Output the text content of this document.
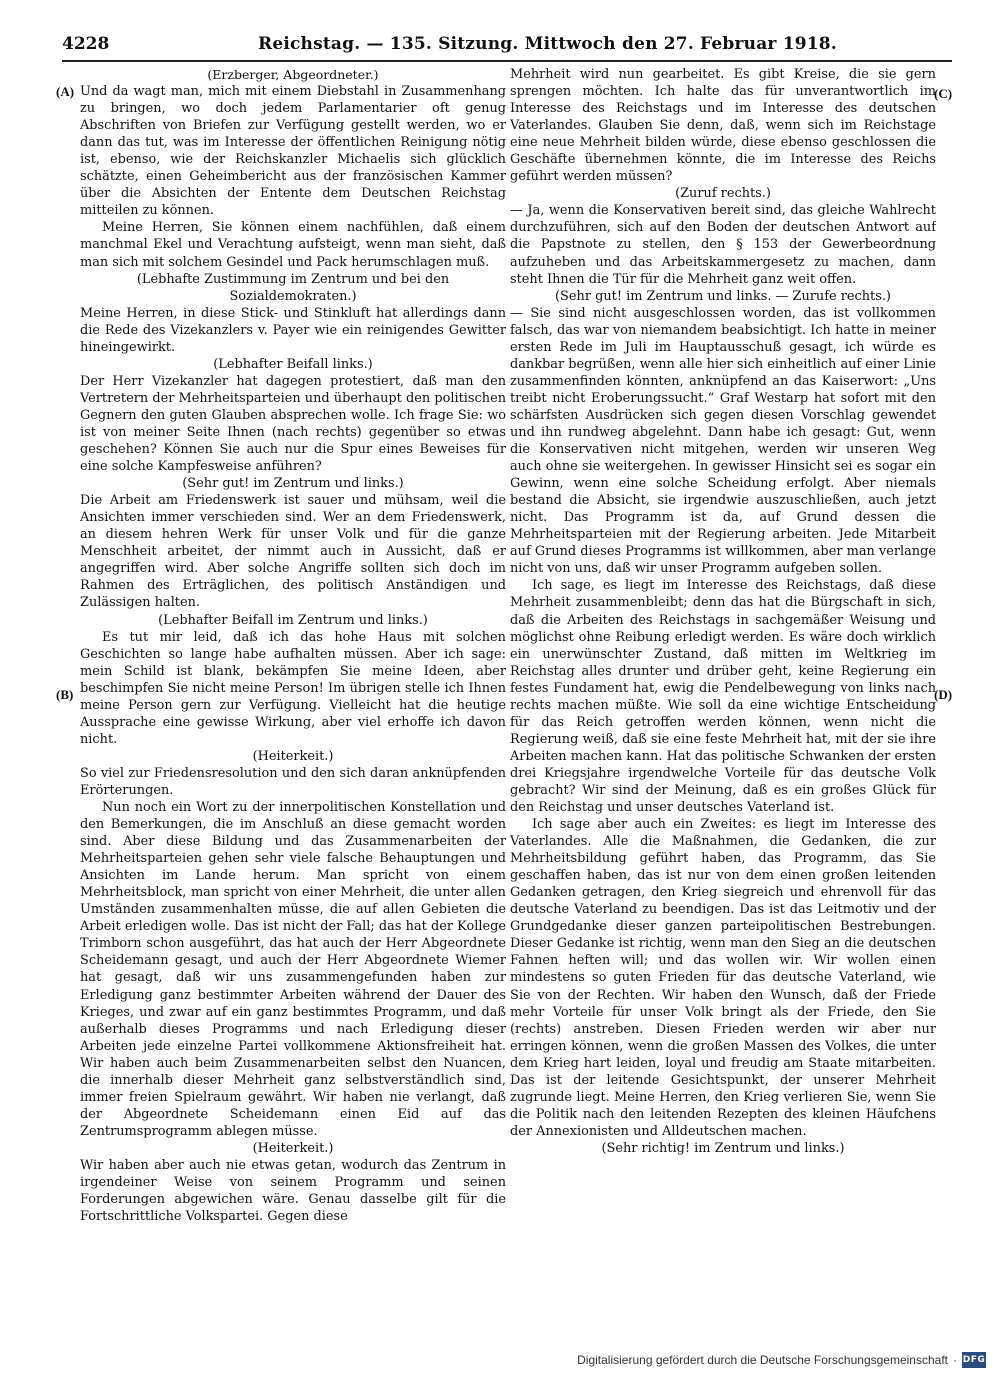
4228	Reichstag. — 135. Sitzung. Mittwoch den 27. Februar 1918.
(A)
(B)
(C)
(D)

(Erzberger, Abgeordneter.)

Und da wagt man, mich mit einem Diebstahl in Zusammenhang zu bringen, wo doch jedem Parlamentarier oft genug Abschriften von Briefen zur Verfügung gestellt werden, wo er dann das tut, was im Interesse der öffentlichen Reinigung nötig ist, ebenso, wie der Reichskanzler Michaelis sich glücklich schätzte, einen Geheimbericht aus der französischen Kammer über die Absichten der Entente dem Deutschen Reichstag mitteilen zu können.

Meine Herren, Sie können einem nachfühlen, daß einem manchmal Ekel und Verachtung aufsteigt, wenn man sieht, daß man sich mit solchem Gesindel und Pack herumschlagen muß.

(Lebhafte Zustimmung im Zentrum und bei den Sozialdemokraten.)

Meine Herren, in diese Stick- und Stinkluft hat allerdings dann die Rede des Vizekanzlers v. Payer wie ein reinigendes Gewitter hineingewirkt.

(Lebhafter Beifall links.)

Der Herr Vizekanzler hat dagegen protestiert, daß man den Vertretern der Mehrheitsparteien und überhaupt den politischen Gegnern den guten Glauben absprechen wolle. Ich frage Sie: wo ist von meiner Seite Ihnen (nach rechts) gegenüber so etwas geschehen? Können Sie auch nur die Spur eines Beweises für eine solche Kampfesweise anführen?

(Sehr gut! im Zentrum und links.)

Die Arbeit am Friedenswerk ist sauer und mühsam, weil die Ansichten immer verschieden sind. Wer an dem Friedenswerk, an diesem hehren Werk für unser Volk und für die ganze Menschheit arbeitet, der nimmt auch in Aussicht, daß er angegriffen wird. Aber solche Angriffe sollten sich doch im Rahmen des Erträglichen, des politisch Anständigen und Zulässigen halten.

(Lebhafter Beifall im Zentrum und links.)

Es tut mir leid, daß ich das hohe Haus mit solchen Geschichten so lange habe aufhalten müssen. Aber ich sage: mein Schild ist blank, bekämpfen Sie meine Ideen, aber beschimpfen Sie nicht meine Person! Im übrigen stelle ich Ihnen meine Person gern zur Verfügung. Vielleicht hat die heutige Aussprache eine gewisse Wirkung, aber viel erhoffe ich davon nicht.

(Heiterkeit.)

So viel zur Friedensresolution und den sich daran anknüpfenden Erörterungen.

Nun noch ein Wort zu der innerpolitischen Konstellation und den Bemerkungen, die im Anschluß an diese gemacht worden sind. Aber diese Bildung und das Zusammenarbeiten der Mehrheitsparteien gehen sehr viele falsche Behauptungen und Ansichten im Lande herum. Man spricht von einem Mehrheitsblock, man spricht von einer Mehrheit, die unter allen Umständen zusammenhalten müsse, die auf allen Gebieten die Arbeit erledigen wolle. Das ist nicht der Fall; das hat der Kollege Trimborn schon ausgeführt, das hat auch der Herr Abgeordnete Scheidemann gesagt, und auch der Herr Abgeordnete Wiemer hat gesagt, daß wir uns zusammengefunden haben zur Erledigung ganz bestimmter Arbeiten während der Dauer des Krieges, und zwar auf ein ganz bestimmtes Programm, und daß außerhalb dieses Programms und nach Erledigung dieser Arbeiten jede einzelne Partei vollkommene Aktionsfreiheit hat. Wir haben auch beim Zusammenarbeiten selbst den Nuancen, die innerhalb dieser Mehrheit ganz selbstverständlich sind, immer freien Spielraum gewährt. Wir haben nie verlangt, daß der Abgeordnete Scheidemann einen Eid auf das Zentrumsprogramm ablegen müsse.

(Heiterkeit.)

Wir haben aber auch nie etwas getan, wodurch das Zentrum in irgendeiner Weise von seinem Programm und seinen Forderungen abgewichen wäre. Genau dasselbe gilt für die Fortschrittliche Volkspartei. Gegen diese

Mehrheit wird nun gearbeitet. Es gibt Kreise, die sie gern sprengen möchten. Ich halte das für unverantwortlich im Interesse des Reichstags und im Interesse des deutschen Vaterlandes. Glauben Sie denn, daß, wenn sich im Reichstage eine neue Mehrheit bilden würde, diese ebenso geschlossen die Geschäfte übernehmen könnte, die im Interesse des Reichs geführt werden müssen?

(Zuruf rechts.)

— Ja, wenn die Konservativen bereit sind, das gleiche Wahlrecht durchzuführen, sich auf den Boden der deutschen Antwort auf die Papstnote zu stellen, den § 153 der Gewerbeordnung aufzuheben und das Arbeitskammergesetz zu machen, dann steht Ihnen die Tür für die Mehrheit ganz weit offen.

(Sehr gut! im Zentrum und links. — Zurufe rechts.)

— Sie sind nicht ausgeschlossen worden, das ist vollkommen falsch, das war von niemandem beabsichtigt. Ich hatte in meiner ersten Rede im Juli im Hauptausschuß gesagt, ich würde es dankbar begrüßen, wenn alle hier sich einheitlich auf einer Linie zusammenfinden könnten, anknüpfend an das Kaiserwort: „Uns treibt nicht Eroberungssucht.“ Graf Westarp hat sofort mit den schärfsten Ausdrücken sich gegen diesen Vorschlag gewendet und ihn rundweg abgelehnt. Dann habe ich gesagt: Gut, wenn die Konservativen nicht mitgehen, werden wir unseren Weg auch ohne sie weitergehen. In gewisser Hinsicht sei es sogar ein Gewinn, wenn eine solche Scheidung erfolgt. Aber niemals bestand die Absicht, sie irgendwie auszuschließen, auch jetzt nicht. Das Programm ist da, auf Grund dessen die Mehrheitsparteien mit der Regierung arbeiten. Jede Mitarbeit auf Grund dieses Programms ist willkommen, aber man verlange nicht von uns, daß wir unser Programm aufgeben sollen.

Ich sage, es liegt im Interesse des Reichstags, daß diese Mehrheit zusammenbleibt; denn das hat die Bürgschaft in sich, daß die Arbeiten des Reichstags in sachgemäßer Weisung und möglichst ohne Reibung erledigt werden. Es wäre doch wirklich ein unerwünschter Zustand, daß mitten im Weltkrieg im Reichstag alles drunter und drüber geht, keine Regierung ein festes Fundament hat, ewig die Pendelbewegung von links nach rechts machen müßte. Wie soll da eine wichtige Entscheidung für das Reich getroffen werden können, wenn nicht die Regierung weiß, daß sie eine feste Mehrheit hat, mit der sie ihre Arbeiten machen kann. Hat das politische Schwanken der ersten drei Kriegsjahre irgendwelche Vorteile für das deutsche Volk gebracht? Wir sind der Meinung, daß es ein großes Glück für den Reichstag und unser deutsches Vaterland ist.

Ich sage aber auch ein Zweites: es liegt im Interesse des Vaterlandes. Alle die Maßnahmen, die Gedanken, die zur Mehrheitsbildung geführt haben, das Programm, das Sie geschaffen haben, das ist nur von dem einen großen leitenden Gedanken getragen, den Krieg siegreich und ehrenvoll für das deutsche Vaterland zu beendigen. Das ist das Leitmotiv und der Grundgedanke dieser ganzen parteipolitischen Bestrebungen. Dieser Gedanke ist richtig, wenn man den Sieg an die deutschen Fahnen heften will; und das wollen wir. Wir wollen einen mindestens so guten Frieden für das deutsche Vaterland, wie Sie von der Rechten. Wir haben den Wunsch, daß der Friede mehr Vorteile für unser Volk bringt als der Friede, den Sie (rechts) anstreben. Diesen Frieden werden wir aber nur erringen können, wenn die großen Massen des Volkes, die unter dem Krieg hart leiden, loyal und freudig am Staate mitarbeiten. Das ist der leitende Gesichtspunkt, der unserer Mehrheit zugrunde liegt. Meine Herren, den Krieg verlieren Sie, wenn Sie die Politik nach den leitenden Rezepten des kleinen Häufchens der Annexionisten und Alldeutschen machen.

(Sehr richtig! im Zentrum und links.)

Digitalisierung gefördert durch die Deutsche Forschungsgemeinschaft · DFG
